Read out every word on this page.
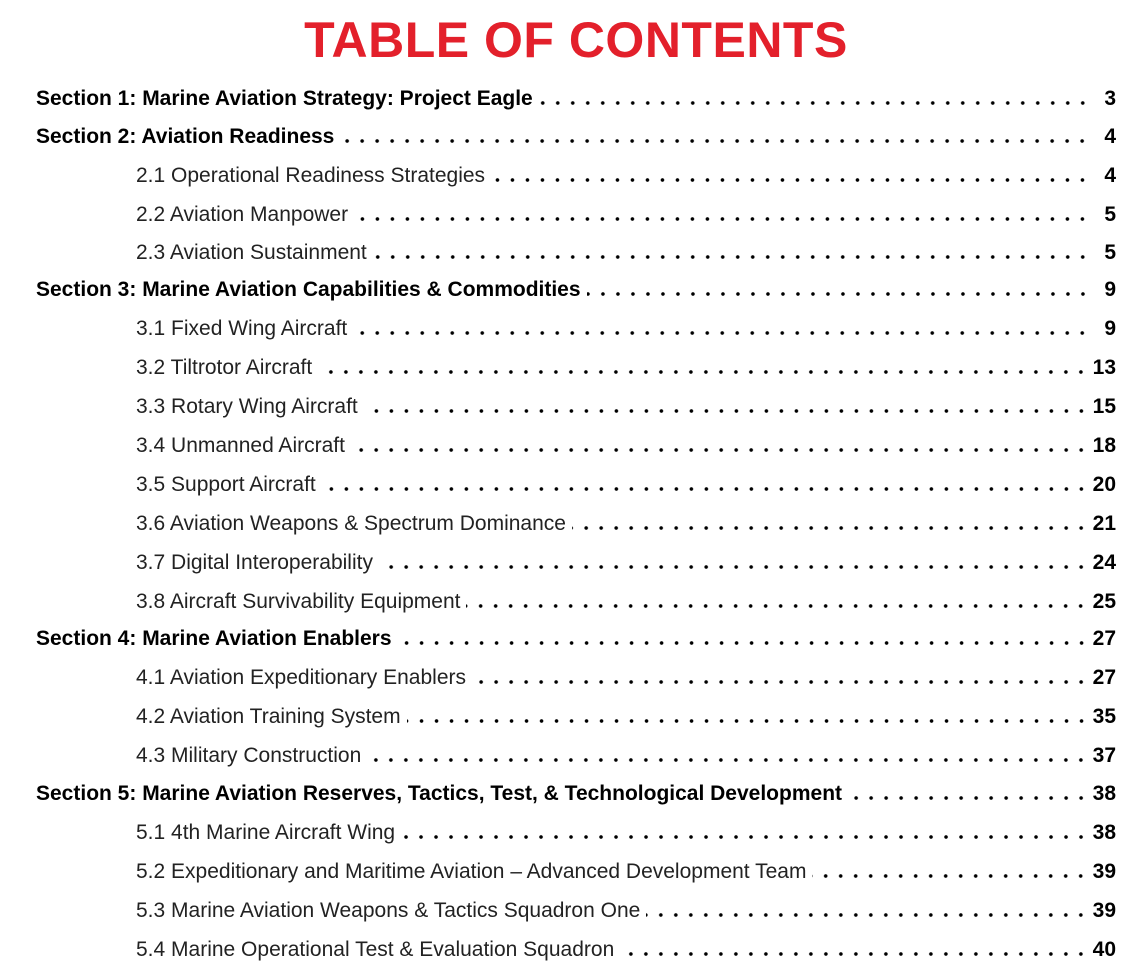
TABLE OF CONTENTS
Section 1: Marine Aviation Strategy: Project Eagle	3
Section 2: Aviation Readiness	4
2.1 Operational Readiness Strategies	4
2.2 Aviation Manpower	5
2.3 Aviation Sustainment	5
Section 3: Marine Aviation Capabilities & Commodities	9
3.1 Fixed Wing Aircraft	9
3.2 Tiltrotor Aircraft	13
3.3 Rotary Wing Aircraft	15
3.4 Unmanned Aircraft	18
3.5 Support Aircraft	20
3.6 Aviation Weapons & Spectrum Dominance	21
3.7 Digital Interoperability	24
3.8 Aircraft Survivability Equipment	25
Section 4: Marine Aviation Enablers	27
4.1 Aviation Expeditionary Enablers	27
4.2 Aviation Training System	35
4.3 Military Construction	37
Section 5: Marine Aviation Reserves, Tactics, Test, & Technological Development	38
5.1 4th Marine Aircraft Wing	38
5.2 Expeditionary and Maritime Aviation – Advanced Development Team	39
5.3 Marine Aviation Weapons & Tactics Squadron One	39
5.4 Marine Operational Test & Evaluation Squadron	40
